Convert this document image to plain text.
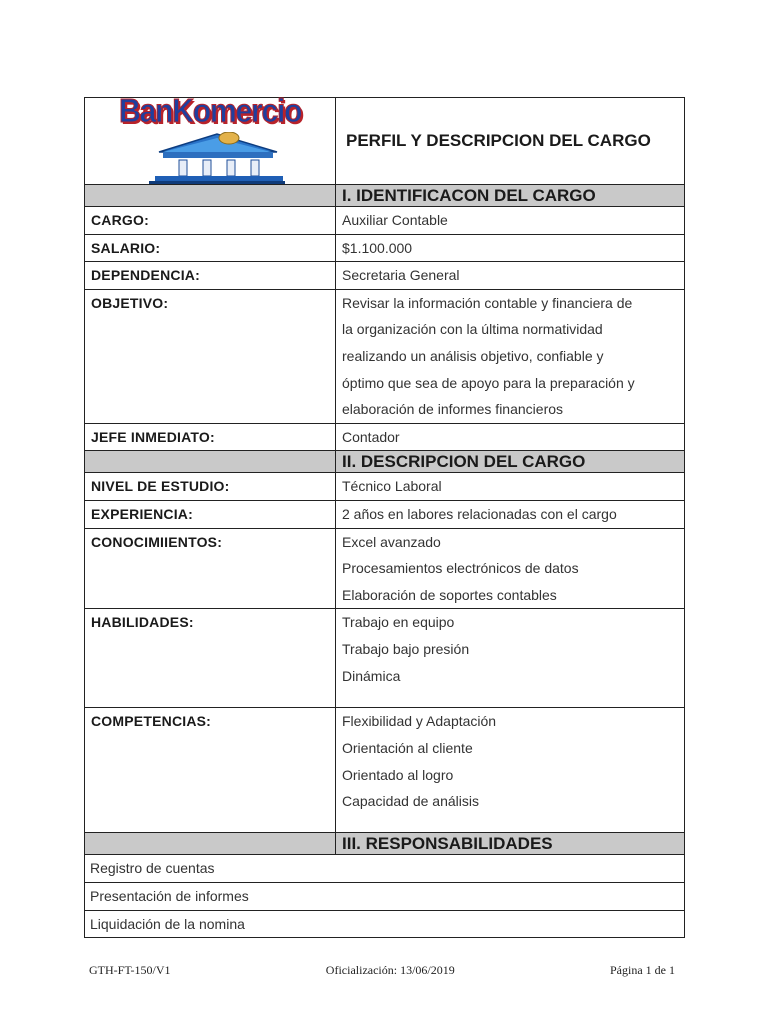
BanKomercio	PERFIL Y DESCRIPCION DEL CARGO
	I. IDENTIFICACON DEL CARGO
CARGO:	Auxiliar Contable
SALARIO:	$1.100.000
DEPENDENCIA:	Secretaria General
OBJETIVO:	Revisar la información contable y financiera de
la organización con la última normatividad
realizando un análisis objetivo, confiable y
óptimo que sea de apoyo para la preparación y
elaboración de informes financieros

JEFE INMEDIATO:	Contador
	II. DESCRIPCION DEL CARGO
NIVEL DE ESTUDIO:	Técnico Laboral
EXPERIENCIA:	2 años en labores relacionadas con el cargo
CONOCIMIIENTOS:	Excel avanzado
Procesamientos electrónicos de datos
Elaboración de soportes contables

HABILIDADES:	Trabajo en equipo
Trabajo bajo presión
Dinámica

COMPETENCIAS:	Flexibilidad y Adaptación
Orientación al cliente
Orientado al logro
Capacidad de análisis

	III. RESPONSABILIDADES
Registro de cuentas	
Presentación de informes	
Liquidación de la nomina	
GTH-FT-150/V1	Oficialización: 13/06/2019	Página 1 de 1
